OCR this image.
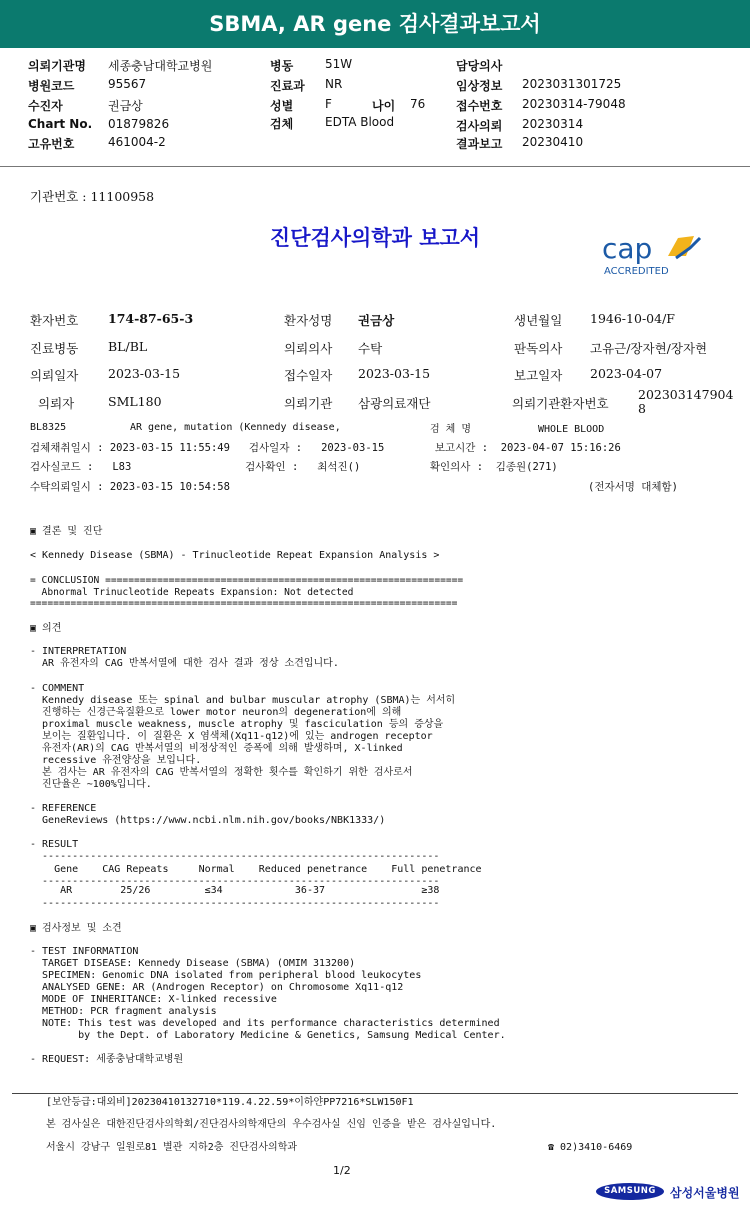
SBMA, AR gene 검사결과보고서
의뢰기관명 세종충남대학교병원	병동	51W	담당의사
병원코드	95567	진료과 NR	임상정보 2023031301725
수진자	권금상	성별	F	나이 76	접수번호 20230314-79048
Chart No. 01879826	검체	EDTA Blood	검사의뢰 20230314
고유번호	461004-2	결과보고 20230410
기관번호 : 11100958
진단검사의학과 보고서	cap
ACCREDITED
환자번호 174-87-65-3	환자성명 권금상	생년월일 1946-10-04/F
진료병동 BL/BL	의뢰의사 수탁	판독의사 고유근/장자현/장자현
의뢰일자 2023-03-15	접수일자 2023-03-15	보고일자 2023-04-07
의뢰자	SML180	의뢰기관 삼광의료재단	의뢰기관환자번호
202303147904
8
BL8325	AR gene, mutation (Kennedy disease,	검 체 명	WHOLE BLOOD
검체채취일시 : 2023-03-15 11:55:49   검사일자 :   2023-03-15        보고시간 :  2023-04-07 15:16:26
검사실코드 :   L83                  검사확인 :   최석진()           확인의사 :  김종원(271)
수탁의뢰일시 : 2023-03-15 10:54:58	(전자서명 대체함)
▣ 결론 및 진단
< Kennedy Disease (SBMA) - Trinucleotide Repeat Expansion Analysis >
= CONCLUSION ==============================================================
Abnormal Trinucleotide Repeats Expansion: Not detected
==========================================================================
▣ 의견
- INTERPRETATION
AR 유전자의 CAG 반복서열에 대한 검사 결과 정상 소견입니다.
- COMMENT
Kennedy disease 또는 spinal and bulbar muscular atrophy (SBMA)는 서서히
진행하는 신경근육질환으로 lower motor neuron의 degeneration에 의해
proximal muscle weakness, muscle atrophy 및 fasciculation 등의 증상을
보이는 질환입니다. 이 질환은 X 염색체(Xq11-q12)에 있는 androgen receptor
유전자(AR)의 CAG 반복서열의 비정상적인 증폭에 의해 발생하며, X-linked
recessive 유전양상을 보입니다.
본 검사는 AR 유전자의 CAG 반복서열의 정확한 횟수를 확인하기 위한 검사로서
진단율은 ~100%입니다.
- REFERENCE
GeneReviews (https://www.ncbi.nlm.nih.gov/books/NBK1333/)
- RESULT
------------------------------------------------------------------
Gene    CAG Repeats     Normal    Reduced penetrance    Full penetrance
------------------------------------------------------------------
AR        25/26         ≤34            36-37                ≥38
------------------------------------------------------------------
▣ 검사정보 및 소견
- TEST INFORMATION
TARGET DISEASE: Kennedy Disease (SBMA) (OMIM 313200)
SPECIMEN: Genomic DNA isolated from peripheral blood leukocytes
ANALYSED GENE: AR (Androgen Receptor) on Chromosome Xq11-q12
MODE OF INHERITANCE: X-linked recessive
METHOD: PCR fragment analysis
NOTE: This test was developed and its performance characteristics determined
by the Dept. of Laboratory Medicine & Genetics, Samsung Medical Center.
- REQUEST: 세종충남대학교병원
[보안등급:대외비]20230410132710*119.4.22.59*이하얀PP7216*SLW150F1
본 검사실은 대한진단검사의학회/진단검사의학재단의 우수검사실 신임 인증을 받은 검사실입니다.
서울시 강남구 일원로81 별관 지하2층 진단검사의학과	☎ 02)3410-6469
1/2
SAMSUNG	삼성서울병원
